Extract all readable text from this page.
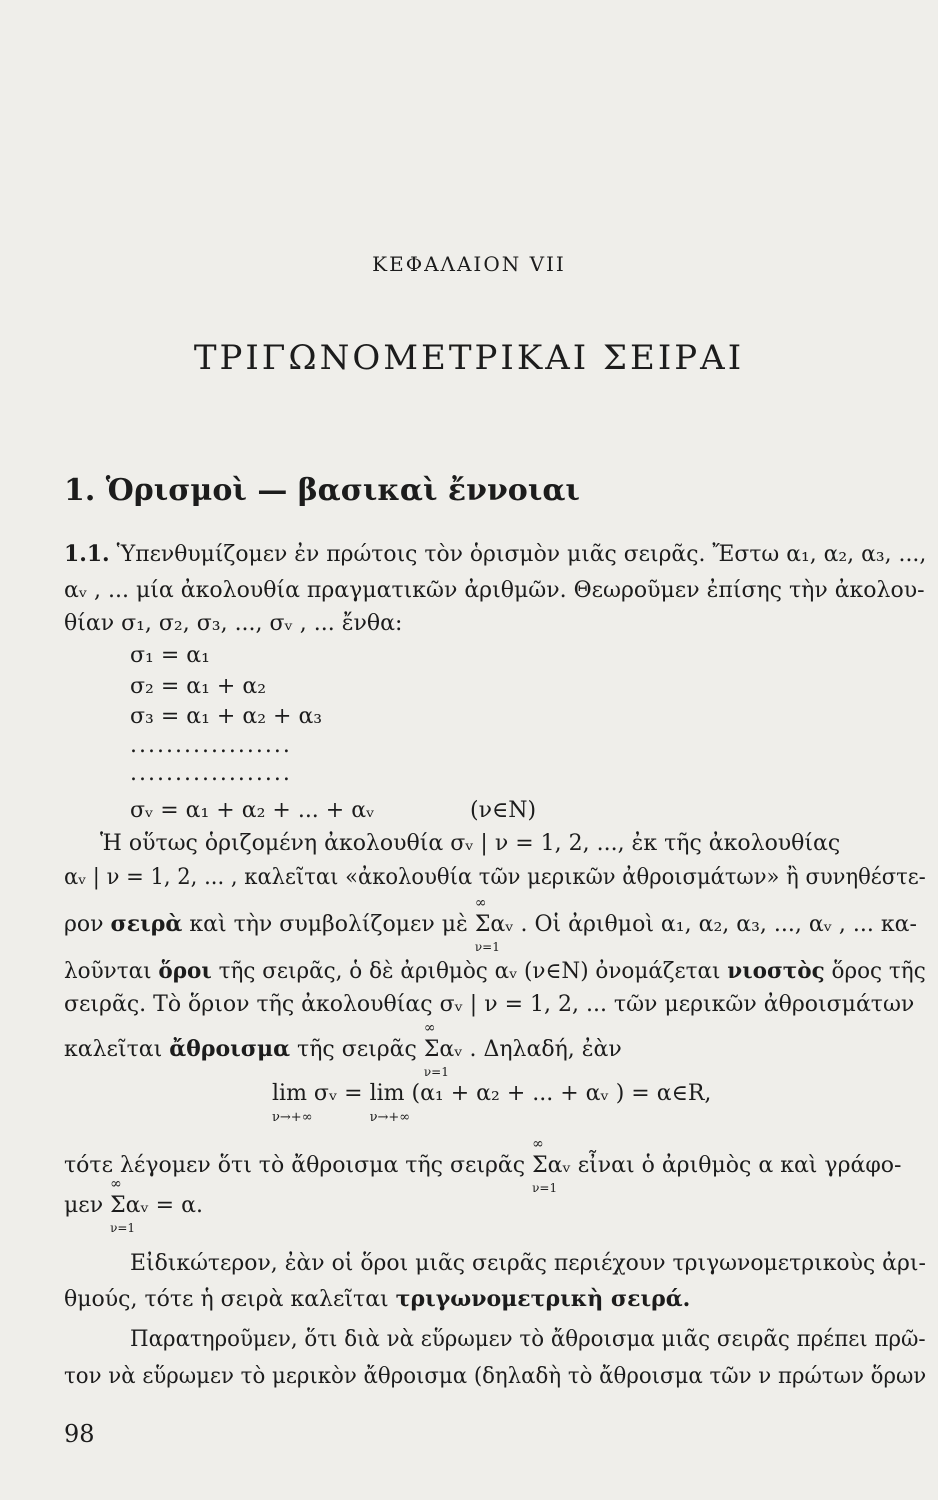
ΚΕΦΑΛΑΙΟΝ VII
ΤΡΙΓΩΝΟΜΕΤΡΙΚΑΙ ΣΕΙΡΑΙ
1. Ὁρισμοὶ — βασικαὶ ἔννοιαι
1.1. Ὑπενθυμίζομεν ἐν πρώτοις τὸν ὁρισμὸν μιᾶς σειρᾶς. Ἔστω α₁, α₂, α₃, ...,
αᵥ , ... μία ἀκολουθία πραγματικῶν ἀριθμῶν. Θεωροῦμεν ἐπίσης τὴν ἀκολου-
θίαν σ₁, σ₂, σ₃, ..., σᵥ , ... ἔνθα:
σ₁ = α₁
σ₂ = α₁ + α₂
σ₃ = α₁ + α₂ + α₃
..................
..................
σᵥ = α₁ + α₂ + ... + αᵥ	(ν∈N)
Ἡ οὕτως ὁριζομένη ἀκολουθία σᵥ | ν = 1, 2, ..., ἐκ τῆς ἀκολουθίας
αᵥ | ν = 1, 2, ... , καλεῖται «ἀκολουθία τῶν μερικῶν ἀθροισμάτων» ἢ συνηθέστε-
ρον σειρὰ καὶ τὴν συμβολίζομεν μὲ
∞
Σ
ν=1
αᵥ . Οἱ ἀριθμοὶ α₁, α₂, α₃, ..., αᵥ , ... κα-
λοῦνται ὅροι τῆς σειρᾶς, ὁ δὲ ἀριθμὸς αᵥ (ν∈N) ὀνομάζεται νιοστὸς ὅρος τῆς
σειρᾶς. Τὸ ὅριον τῆς ἀκολουθίας σᵥ | ν = 1, 2, ... τῶν μερικῶν ἀθροισμάτων
καλεῖται ἄθροισμα τῆς σειρᾶς
∞
Σ
ν=1
αᵥ . Δηλαδή, ἐὰν
lim σᵥ
ν→+∞
= lim (α₁ + α₂ + ... + αᵥ ) = α∈R,
ν→+∞
τότε λέγομεν ὅτι τὸ ἄθροισμα τῆς σειρᾶς
∞
Σ
ν=1
αᵥ εἶναι ὁ ἀριθμὸς α καὶ γράφο-
μεν
∞
Σ
ν=1
αᵥ = α.
Εἰδικώτερον, ἐὰν οἱ ὅροι μιᾶς σειρᾶς περιέχουν τριγωνομετρικοὺς ἀρι-
θμούς, τότε ἡ σειρὰ καλεῖται τριγωνομετρικὴ σειρά.
Παρατηροῦμεν, ὅτι διὰ νὰ εὕρωμεν τὸ ἄθροισμα μιᾶς σειρᾶς πρέπει πρῶ-
τον νὰ εὕρωμεν τὸ μερικὸν ἄθροισμα (δηλαδὴ τὸ ἄθροισμα τῶν ν πρώτων ὅρων
98
